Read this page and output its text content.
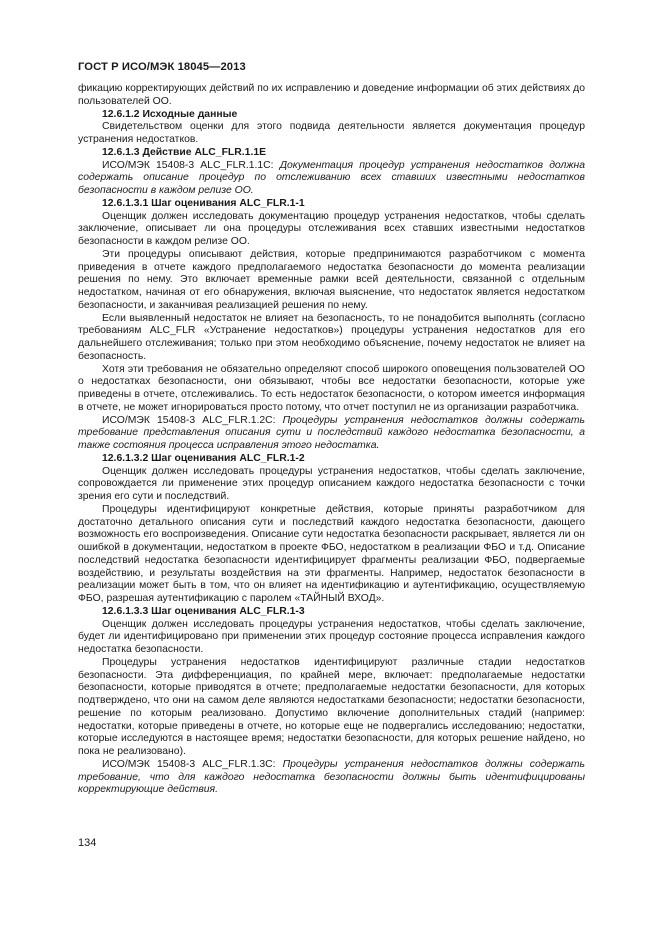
ГОСТ Р ИСО/МЭК 18045—2013

фикацию корректирующих действий по их исправлению и доведение информации об этих действиях до пользователей ОО.

12.6.1.2 Исходные данные

Свидетельством оценки для этого подвида деятельности является документация процедур устранения недостатков.

12.6.1.3 Действие ALC_FLR.1.1E

ИСО/МЭК 15408-3 ALC_FLR.1.1C: Документация процедур устранения недостатков должна содержать описание процедур по отслеживанию всех ставших известными недостатков безопасности в каждом релизе ОО.

12.6.1.3.1 Шаг оценивания ALC_FLR.1-1

Оценщик должен исследовать документацию процедур устранения недостатков, чтобы сделать заключение, описывает ли она процедуры отслеживания всех ставших известными недостатков безопасности в каждом релизе ОО.

Эти процедуры описывают действия, которые предпринимаются разработчиком с момента приведения в отчете каждого предполагаемого недостатка безопасности до момента реализации решения по нему. Это включает временные рамки всей деятельности, связанной с отдельным недостатком, начиная от его обнаружения, включая выяснение, что недостаток является недостатком безопасности, и заканчивая реализацией решения по нему.

Если выявленный недостаток не влияет на безопасность, то не понадобится выполнять (согласно требованиям ALC_FLR «Устранение недостатков») процедуры устранения недостатков для его дальнейшего отслеживания; только при этом необходимо объяснение, почему недостаток не влияет на безопасность.

Хотя эти требования не обязательно определяют способ широкого оповещения пользователей ОО о недостатках безопасности, они обязывают, чтобы все недостатки безопасности, которые уже приведены в отчете, отслеживались. То есть недостаток безопасности, о котором имеется информация в отчете, не может игнорироваться просто потому, что отчет поступил не из организации разработчика.

ИСО/МЭК 15408-3 ALC_FLR.1.2C: Процедуры устранения недостатков должны содержать требование представления описания сути и последствий каждого недостатка безопасности, а также состояния процесса исправления этого недостатка.

12.6.1.3.2 Шаг оценивания ALC_FLR.1-2

Оценщик должен исследовать процедуры устранения недостатков, чтобы сделать заключение, сопровождается ли применение этих процедур описанием каждого недостатка безопасности с точки зрения его сути и последствий.

Процедуры идентифицируют конкретные действия, которые приняты разработчиком для достаточно детального описания сути и последствий каждого недостатка безопасности, дающего возможность его воспроизведения. Описание сути недостатка безопасности раскрывает, является ли он ошибкой в документации, недостатком в проекте ФБО, недостатком в реализации ФБО и т.д. Описание последствий недостатка безопасности идентифицирует фрагменты реализации ФБО, подвергаемые воздействию, и результаты воздействия на эти фрагменты. Например, недостаток безопасности в реализации может быть в том, что он влияет на идентификацию и аутентификацию, осуществляемую ФБО, разрешая аутентификацию с паролем «ТАЙНЫЙ ВХОД».

12.6.1.3.3 Шаг оценивания ALC_FLR.1-3

Оценщик должен исследовать процедуры устранения недостатков, чтобы сделать заключение, будет ли идентифицировано при применении этих процедур состояние процесса исправления каждого недостатка безопасности.

Процедуры устранения недостатков идентифицируют различные стадии недостатков безопасности. Эта дифференциация, по крайней мере, включает: предполагаемые недостатки безопасности, которые приводятся в отчете; предполагаемые недостатки безопасности, для которых подтверждено, что они на самом деле являются недостатками безопасности; недостатки безопасности, решение по которым реализовано. Допустимо включение дополнительных стадий (например: недостатки, которые приведены в отчете, но которые еще не подвергались исследованию; недостатки, которые исследуются в настоящее время; недостатки безопасности, для которых решение найдено, но пока не реализовано).

ИСО/МЭК 15408-3 ALC_FLR.1.3C: Процедуры устранения недостатков должны содержать требование, что для каждого недостатка безопасности должны быть идентифицированы корректирующие действия.

134
